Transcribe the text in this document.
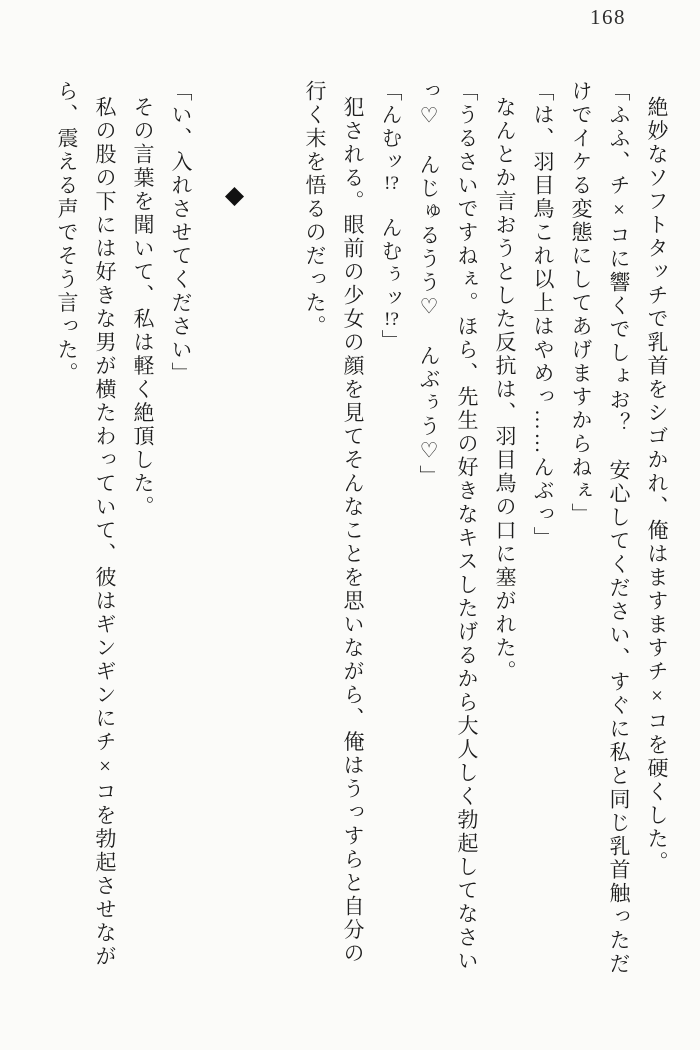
168

絶妙なソフトタッチで乳首をシゴかれ、俺はますますチ×コを硬くした。

「ふふ、チ×コに響くでしょお？　安心してください、すぐに私と同じ乳首触っただ

けでイケる変態にしてあげますからねぇ」

「は、羽目鳥これ以上はやめっ……んぶっ」

なんとか言おうとした反抗は、羽目鳥の口に塞がれた。

「うるさいですねぇ。ほら、先生の好きなキスしたげるから大人しく勃起してなさい

っ♡　んじゅるうう♡　んぶぅう♡」

「んむッ!?　んむぅッ!?」

犯される。眼前の少女の顔を見てそんなことを思いながら、俺はうっすらと自分の

行く末を悟るのだった。

◆

「い、入れさせてください」

その言葉を聞いて、私は軽く絶頂した。

私の股の下には好きな男が横たわっていて、彼はギンギンにチ×コを勃起させなが

ら、震える声でそう言った。
